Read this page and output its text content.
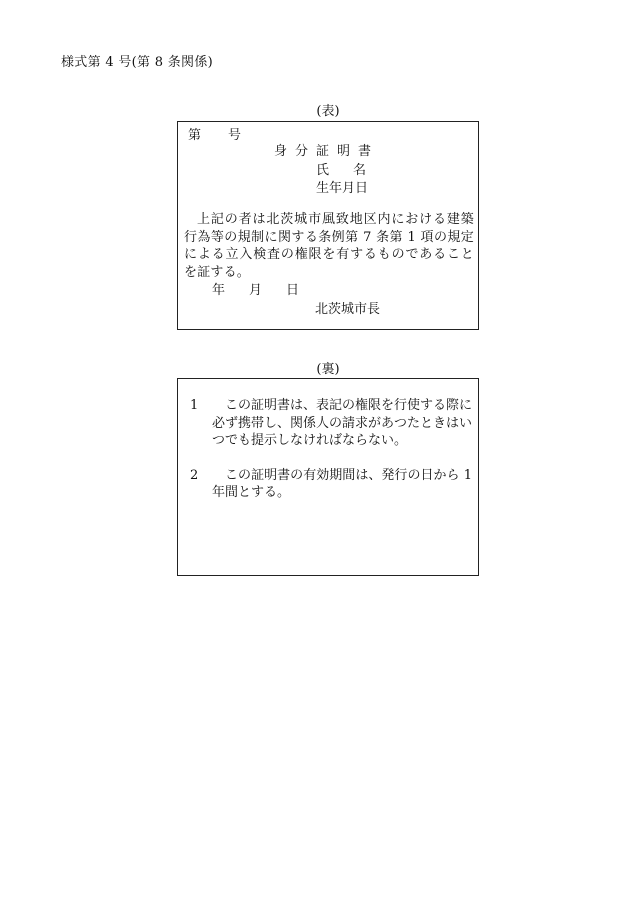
様式第 4 号(第 8 条関係)
(表)
第 号
身分証明書
氏 名
生年月日
上記の者は北茨城市風致地区内における建築行為等の規制に関する条例第 7 条第 1 項の規定による立入検査の権限を有するものであることを証する。
年 月 日
北茨城市長
(裏)
1	この証明書は、表記の権限を行使する際に必ず携帯し、関係人の請求があつたときはいつでも提示しなければならない。
2	この証明書の有効期間は、発行の日から 1 年間とする。
